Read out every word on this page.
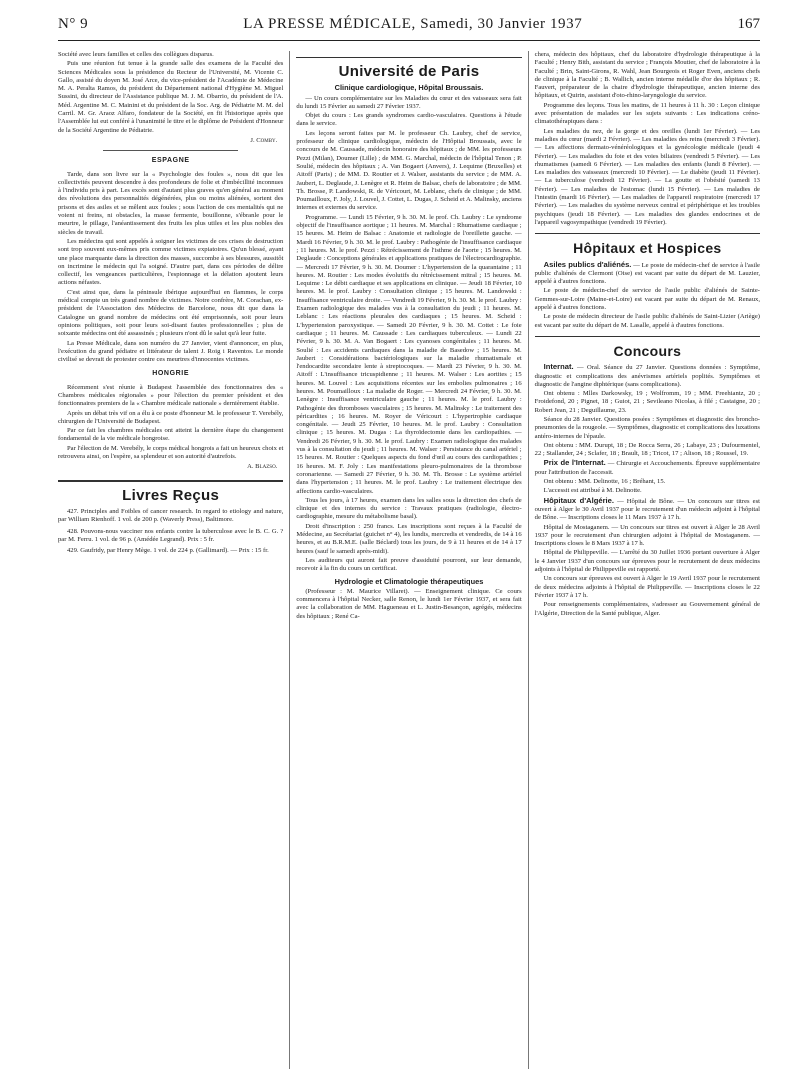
N° 9	LA PRESSE MÉDICALE, Samedi, 30 Janvier 1937	167

Société avec leurs familles et celles des collègues disparus.

Puis une réunion fut tenue à la grande salle des examens de la Faculté des Sciences Médicales sous la présidence du Recteur de l'Université, M. Vicente C. Gallo, assisté du doyen M. José Arce, du vice-président de l'Académie de Médecine M. A. Peralta Ramos, du président du Département national d'Hygiène M. Miguel Sussini, du directeur de l'Assistance publique M. J. M. Obarrio, du président de l'A. Méd. Argentine M. C. Mainini et du président de la Soc. Arg. de Pédiatrie M. M. del Carril. M. Gr. Araoz Alfaro, fondateur de la Société, en fit l'historique après que l'Assemblée lui eut conféré à l'unanimité le titre et le diplôme de Président d'Honneur de la Société Argentine de Pédiatrie.

J. Comby.
ESPAGNE

Tarde, dans son livre sur la « Psychologie des foules », nous dit que les collectivités peuvent descendre à des profondeurs de folie et d'imbécillité inconnues à l'individu pris à part. Les excès sont d'autant plus graves qu'en général au moment des révolutions des personnalités dégénérées, plus ou moins aliénées, sortent des prisons et des asiles et se mêlent aux foules ; sous l'action de ces mentalités qui ne voient ni freins, ni obstacles, la masse fermente, bouillonne, s'ébranle pour le meurtre, le pillage, l'anéantissement des fruits les plus utiles et les plus nobles des siècles de travail.

Les médecins qui sont appelés à soigner les victimes de ces crises de destruction sont trop souvent eux-mêmes pris comme victimes expiatoires. Qu'un blessé, ayant une place marquante dans la direction des masses, succombe à ses blessures, aussitôt on incrimine le médecin qui l'a soigné. D'autre part, dans ces périodes de délire collectif, les vengeances particulières, l'espionnage et la délation ajoutent leurs actions néfastes.

C'est ainsi que, dans la péninsule ibérique aujourd'hui en flammes, le corps médical compte un très grand nombre de victimes. Notre confrère, M. Corachan, ex-président de l'Association des Médecins de Barcelone, nous dit que dans la Catalogne un grand nombre de médecins ont été emprisonnés, soit pour leurs opinions politiques, soit pour leurs soi-disant fautes professionnelles ; plus de soixante médecins ont été assassinés ; plusieurs n'ont dû le salut qu'à leur fuite.

La Presse Médicale, dans son numéro du 27 Janvier, vient d'annoncer, en plus, l'exécution du grand pédiatre et littérateur de talent J. Roig i Raventos. Le monde civilisé se devrait de protester contre ces meurtres d'innocentes victimes.

HONGRIE

Récemment s'est réunie à Budapest l'assemblée des fonctionnaires des « Chambres médicales régionales » pour l'élection du premier président et des fonctionnaires premiers de la « Chambre médicale nationale » dernièrement établie.

Après un débat très vif on a élu à ce poste d'honneur M. le professeur T. Verebély, chirurgien de l'Université de Budapest.

Par ce fait les chambres médicales ont atteint la dernière étape du changement fondamental de la vie médicale hongroise.

Par l'élection de M. Verebély, le corps médical hongrois a fait un heureux choix et retrouvera ainsi, on l'espère, sa splendeur et son autorité d'autrefois.

A. Blazso.
Livres Reçus

427. Principles and Foibles of cancer research. In regard to etiology and nature, par William Rienhoff. 1 vol. de 200 p. (Waverly Press), Baltimore.

428. Pouvons-nous vacciner nos enfants contre la tuberculose avec le B. C. G. ? par M. Ferru. 1 vol. de 96 p. (Amédée Legrand). Prix : 5 fr.

429. Gaufridy, par Henry Mège. 1 vol. de 224 p. (Gallimard). — Prix : 15 fr.

Université de Paris
Clinique cardiologique, Hôpital Broussais.

— Un cours complémentaire sur les Maladies du cœur et des vaisseaux sera fait du lundi 15 Février au samedi 27 Février 1937.

Objet du cours : Les grands syndromes cardio-vasculaires. Questions à l'étude dans le service.

Les leçons seront faites par M. le professeur Ch. Laubry, chef de service, professeur de clinique cardiologique, médecin de l'Hôpital Broussais, avec le concours de M. Caussade, médecin honoraire des hôpitaux ; de MM. les professeurs Pezzi (Milan), Doumer (Lille) ; de MM. G. Marchal, médecin de l'hôpital Tenon ; P. Soulié, médecin des hôpitaux ; A. Van Bogaert (Anvers), J. Lequime (Bruxelles) et Aitoff (Paris) ; de MM. D. Routier et J. Walser, assistants du service ; de MM. A. Jaubert, L. Deglaude, J. Lenègre et R. Heim de Balsac, chefs de laboratoire ; de MM. Th. Brosse, P. Landowski, R. de Véricourt, M. Leblanc, chefs de clinique ; de MM. Poumailloux, F. Joly, J. Louvel, J. Cottet, L. Dugas, J. Scheid et A. Malinsky, anciens internes et externes du service.

Programme. — Lundi 15 Février, 9 h. 30. M. le prof. Ch. Laubry : Le syndrome objectif de l'insuffisance aortique ; 11 heures. M. Marchal : Rhumatisme cardiaque ; 15 heures. M. Heim de Balsac : Anatomie et radiologie de l'oreillette gauche. — Mardi 16 Février, 9 h. 30. M. le prof. Laubry : Pathogénie de l'insuffisance cardiaque ; 11 heures. M. le prof. Pezzi : Rétrécissement de l'isthme de l'aorte ; 15 heures. M. Deglaude : Conceptions générales et applications pratiques de l'électrocardiographie. — Mercredi 17 Février, 9 h. 30. M. Doumer : L'hypertension de la quarantaine ; 11 heures. M. Routier : Les modes évolutifs du rétrécissement mitral ; 15 heures. M. Lequime : Le débit cardiaque et ses applications en clinique. — Jeudi 18 Février, 10 heures. M. le prof. Laubry : Consultation clinique ; 15 heures. M. Landowski : Insuffisance ventriculaire droite. — Vendredi 19 Février, 9 h. 30. M. le prof. Laubry : Examen radiologique des malades vus à la consultation du jeudi ; 11 heures. M. Leblanc : Les réactions pleurales des cardiaques ; 15 heures. M. Scheid : L'hypertension paroxystique. — Samedi 20 Février, 9 h. 30. M. Cottet : Le foie cardiaque ; 11 heures. M. Caussade : Les cardiaques tuberculeux. — Lundi 22 Février, 9 h. 30. M. A. Van Bogaert : Les cyanoses congénitales ; 11 heures. M. Soulié : Les accidents cardiaques dans la maladie de Basedow ; 15 heures. M. Jaubert : Considérations bactériologiques sur la maladie rhumatismale et l'endocardite secondaire lente à streptocoques. — Mardi 23 Février, 9 h. 30. M. Aitoff : L'insuffisance tricuspidienne ; 11 heures. M. Walser : Les aortites ; 15 heures. M. Louvel : Les acquisitions récentes sur les embolies pulmonaires ; 16 heures. M. Poumailloux : La maladie de Roger. — Mercredi 24 Février, 9 h. 30. M. Lenègre : Insuffisance ventriculaire gauche ; 11 heures. M. le prof. Laubry : Pathogénie des thromboses vasculaires ; 15 heures. M. Malinsky : Le traitement des péricardites ; 16 heures. M. Royer de Véricourt : L'hypertrophie cardiaque congénitale. — Jeudi 25 Février, 10 heures. M. le prof. Laubry : Consultation clinique ; 15 heures. M. Dugas : La thyroïdectomie dans les cardiopathies. — Vendredi 26 Février, 9 h. 30. M. le prof. Laubry : Examen radiologique des malades vus à la consultation du jeudi ; 11 heures. M. Walser : Persistance du canal artériel ; 15 heures. M. Routier : Quelques aspects du fond d'œil au cours des cardiopathies ; 16 heures. M. F. Joly : Les manifestations pleuro-pulmonaires de la thrombose coronarienne. — Samedi 27 Février, 9 h. 30. M. Th. Brosse : Le système artériel dans l'hypertension ; 11 heures. M. le prof. Laubry : Le traitement électrique des affections cardio-vasculaires.

Tous les jours, à 17 heures, examen dans les salles sous la direction des chefs de clinique et des internes du service : Travaux pratiques (radiologie, électro-cardiographie, mesure du métabolisme basal).

Droit d'inscription : 250 francs. Les inscriptions sont reçues à la Faculté de Médecine, au Secrétariat (guichet n° 4), les lundis, mercredis et vendredis, de 14 à 16 heures, et au B.R.M.E. (salle Béclard) tous les jours, de 9 à 11 heures et de 14 à 17 heures (sauf le samedi après-midi).

Les auditeurs qui auront fait preuve d'assiduité pourront, sur leur demande, recevoir à la fin du cours un certificat.

Hydrologie et Climatologie thérapeutiques

(Professeur : M. Maurice Villaret). — Enseignement clinique. Ce cours commencera à l'hôpital Necker, salle Renon, le lundi 1er Février 1937, et sera fait avec la collaboration de MM. Hagueneau et L. Justin-Besançon, agrégés, médecins des hôpitaux ; René Ca-

chera, médecin des hôpitaux, chef du laboratoire d'hydrologie thérapeutique à la Faculté ; Henry Bith, assistant du service ; François Moutier, chef de laboratoire à la Faculté ; Brin, Saint-Girons, R. Wahl, Jean Bourgeois et Roger Even, anciens chefs de clinique à la Faculté ; B. Wallich, ancien interne médaille d'or des hôpitaux ; R. Fauvert, préparateur de la chaire d'hydrologie thérapeutique, ancien interne des hôpitaux, et Quirin, assistant d'oto-rhino-laryngologie du service.

Programme des leçons. Tous les matins, de 11 heures à 11 h. 30 : Leçon clinique avec présentation de malades sur les sujets suivants : Les indications créno-climatothérapiques dans :

Les maladies du nez, de la gorge et des oreilles (lundi 1er Février). — Les maladies du cœur (mardi 2 Février). — Les maladies des reins (mercredi 3 Février). — Les affections dermato-vénéréologiques et la gynécologie médicale (jeudi 4 Février). — Les maladies du foie et des voies biliaires (vendredi 5 Février). — Les rhumatismes (samedi 6 Février). — Les maladies des enfants (lundi 8 Février). — Les maladies des vaisseaux (mercredi 10 Février). — Le diabète (jeudi 11 Février). — La tuberculose (vendredi 12 Février). — La goutte et l'obésité (samedi 13 Février). — Les maladies de l'estomac (lundi 15 Février). — Les maladies de l'intestin (mardi 16 Février). — Les maladies de l'appareil respiratoire (mercredi 17 Février). — Les maladies du système nerveux central et périphérique et les troubles psychiques (jeudi 18 Février). — Les maladies des glandes endocrines et de l'appareil vagosympathique (vendredi 19 Février).

Hôpitaux et Hospices

Asiles publics d'aliénés. — Le poste de médecin-chef de service à l'asile public d'aliénés de Clermont (Oise) est vacant par suite du départ de M. Lauzier, appelé à d'autres fonctions.

Le poste de médecin-chef de service de l'asile public d'aliénés de Sainte-Gemmes-sur-Loire (Maine-et-Loire) est vacant par suite du départ de M. Renaux, appelé à d'autres fonctions.

Le poste de médecin directeur de l'asile public d'aliénés de Saint-Lizier (Ariège) est vacant par suite du départ de M. Lasalle, appelé à d'autres fonctions.

Concours

Internat. — Oral. Séance du 27 Janvier. Questions données : Symptôme, diagnostic et complications des anévrismes artériels poplités. Symptômes et diagnostic de l'angine diphtérique (sans complications).

Ont obtenu : Mlles Darkowsky, 19 ; Wolfromm, 19 ; MM. Freehiantz, 20 ; Froidefond, 20 ; Pignet, 18 ; Guiot, 21 ; Sevileano Nicolas, à filé ; Castaigne, 20 ; Robert Jean, 21 ; Deguillaume, 23.

Séance du 28 Janvier. Questions posées : Symptômes et diagnostic des broncho-pneumonies de la rougeole. — Symptômes, diagnostic et complications des luxations antéro-internes de l'épaule.

Ont obtenu : MM. Durupt, 18 ; De Rocca Serra, 26 ; Labaye, 23 ; Dufourmentel, 22 ; Stallander, 24 ; Sclafer, 18 ; Brault, 18 ; Tricot, 17 ; Alison, 18 ; Roussel, 19.

Prix de l'Internat. — Chirurgie et Accouchements. Épreuve supplémentaire pour l'attribution de l'accessit.

Ont obtenu : MM. Delinotte, 16 ; Bréhant, 15.

L'accessit est attribué à M. Delinotte.

Hôpitaux d'Algérie. — Hôpital de Bône. — Un concours sur titres est ouvert à Alger le 30 Avril 1937 pour le recrutement d'un médecin adjoint à l'hôpital de Bône. — Inscriptions closes le 11 Mars 1937 à 17 h.

Hôpital de Mostaganem. — Un concours sur titres est ouvert à Alger le 28 Avril 1937 pour le recrutement d'un chirurgien adjoint à l'hôpital de Mostaganem. — Inscriptions closes le 8 Mars 1937 à 17 h.

Hôpital de Philippeville. — L'arrêté du 30 Juillet 1936 portant ouverture à Alger le 4 Janvier 1937 d'un concours sur épreuves pour le recrutement de deux médecins adjoints à l'hôpital de Philippeville est rapporté.

Un concours sur épreuves est ouvert à Alger le 19 Avril 1937 pour le recrutement de deux médecins adjoints à l'hôpital de Philippeville. — Inscriptions closes le 22 Février 1937 à 17 h.

Pour renseignements complémentaires, s'adresser au Gouvernement général de l'Algérie, Direction de la Santé publique, Alger.
